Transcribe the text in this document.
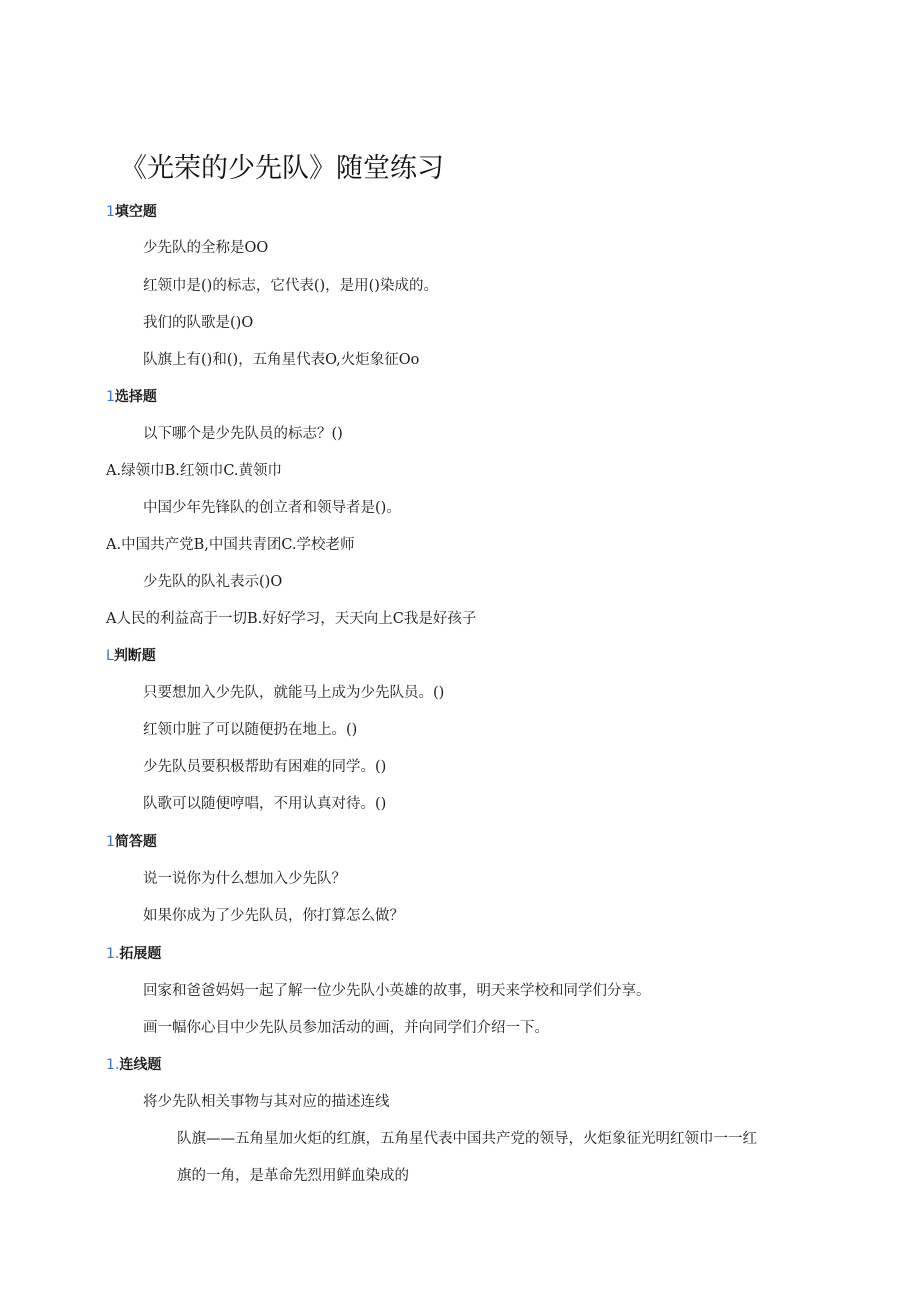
《光荣的少先队》随堂练习
1填空题
少先队的全称是OO
红领巾是()的标志，它代表()，是用()染成的。
我们的队歌是()O
队旗上有()和()，五角星代表O,火炬象征Oo
1选择题
以下哪个是少先队员的标志？()
A.绿领巾B.红领巾C.黄领巾
中国少年先锋队的创立者和领导者是()。
A.中国共产党B,中国共青团C.学校老师
少先队的队礼表示()O
A人民的利益高于一切B.好好学习，天天向上C我是好孩子
L判断题
只要想加入少先队，就能马上成为少先队员。()
红领巾脏了可以随便扔在地上。()
少先队员要积极帮助有困难的同学。()
队歌可以随便哼唱，不用认真对待。()
1简答题
说一说你为什么想加入少先队？
如果你成为了少先队员，你打算怎么做？
1.拓展题
回家和爸爸妈妈一起了解一位少先队小英雄的故事，明天来学校和同学们分享。
画一幅你心目中少先队员参加活动的画，并向同学们介绍一下。
1.连线题
将少先队相关事物与其对应的描述连线
队旗——五角星加火炬的红旗，五角星代表中国共产党的领导，火炬象征光明红领巾一一红
旗的一角，是革命先烈用鲜血染成的
